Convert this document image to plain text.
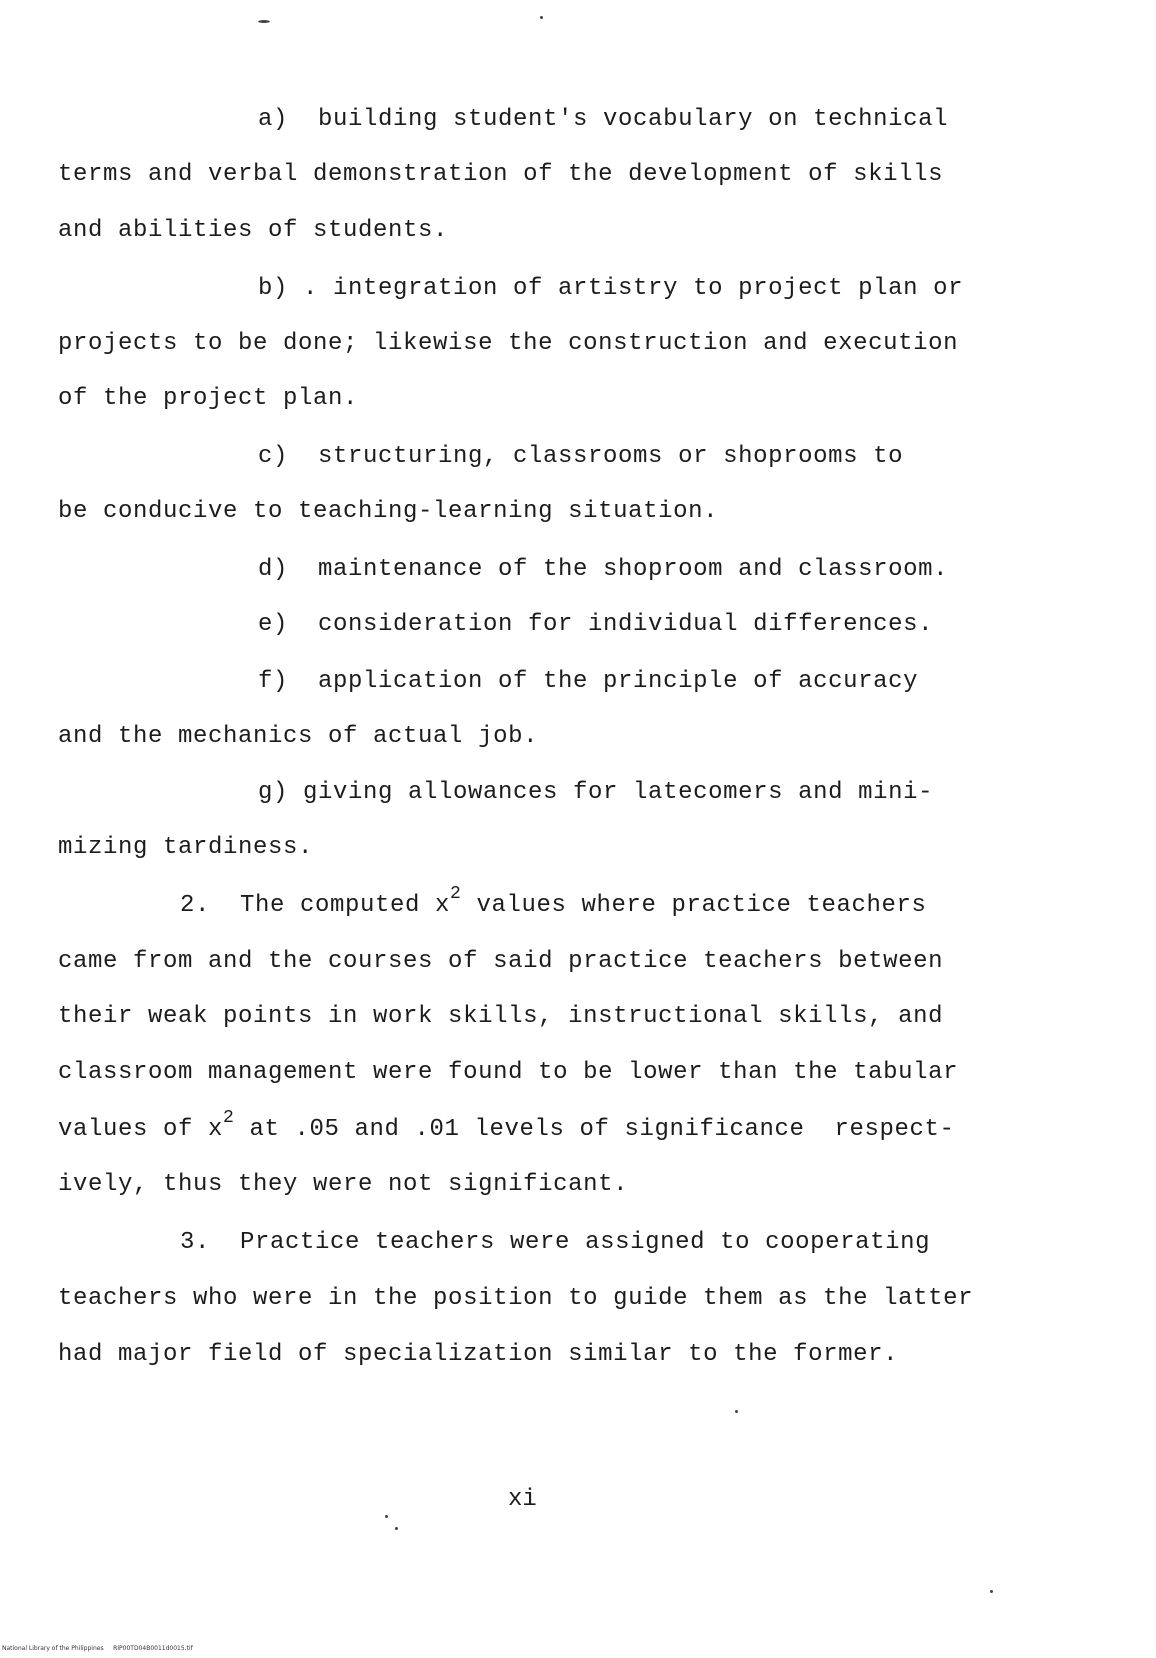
a)  building student's vocabulary on technical
terms and verbal demonstration of the development of skills
and abilities of students.
b) . integration of artistry to project plan or
projects to be done; likewise the construction and execution
of the project plan.
c)  structuring, classrooms or shoprooms to
be conducive to teaching-learning situation.
d)  maintenance of the shoproom and classroom.
e)  consideration for individual differences.
f)  application of the principle of accuracy
and the mechanics of actual job.
g) giving allowances for latecomers and mini-
mizing tardiness.
2.  The computed $x^2$ values where practice teachers
came from and the courses of said practice teachers between
their weak points in work skills, instructional skills, and
classroom management were found to be lower than the tabular
values of $x^2$ at .05 and .01 levels of significance  respect-
ively, thus they were not significant.
3.  Practice teachers were assigned to cooperating
teachers who were in the position to guide them as the latter
had major field of specialization similar to the former.
xi
National Library of the Philippines     RIP00TD04B0011d0015.tif
